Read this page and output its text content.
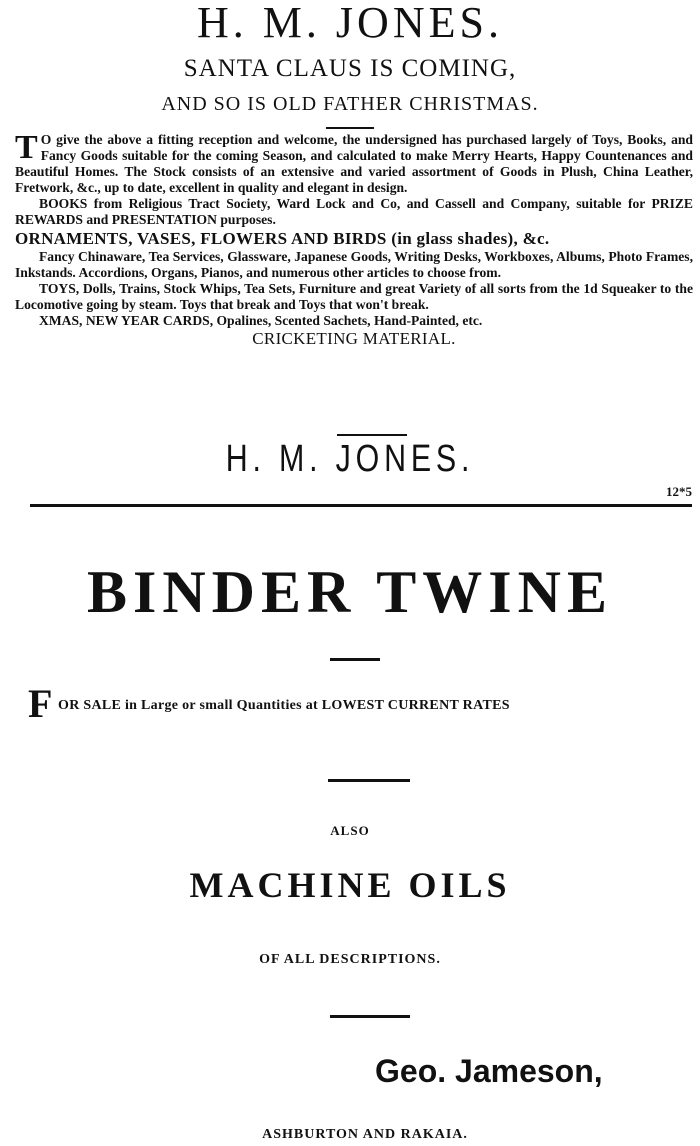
H. M. JONES.
SANTA CLAUS IS COMING,
AND SO IS OLD FATHER CHRISTMAS.

T O give the above a fitting reception and welcome, the undersigned has purchased largely of Toys, Books, and Fancy Goods suitable for the coming Season, and calculated to make Merry Hearts, Happy Countenances and Beautiful Homes. The Stock consists of an extensive and varied assortment of Goods in Plush, China Leather, Fretwork, &c., up to date, excellent in quality and elegant in design.

BOOKS from Religious Tract Society, Ward Lock and Co, and Cassell and Company, suitable for PRIZE REWARDS and PRESENTATION purposes.

ORNAMENTS, VASES, FLOWERS AND BIRDS (in glass shades), &c.

Fancy Chinaware, Tea Services, Glassware, Japanese Goods, Writing Desks, Workboxes, Albums, Photo Frames, Inkstands. Accordions, Organs, Pianos, and numerous other articles to choose from.

TOYS, Dolls, Trains, Stock Whips, Tea Sets, Furniture and great Variety of all sorts from the 1d Squeaker to the Locomotive going by steam. Toys that break and Toys that won't break.

XMAS, NEW YEAR CARDS, Opalines, Scented Sachets, Hand-Painted, etc.

CRICKETING MATERIAL.

H. M. JONES.
12*5
BINDER TWINE
F OR SALE in Large or small Quantities at LOWEST CURRENT RATES
ALSO
MACHINE OILS
OF ALL DESCRIPTIONS.
Geo. Jameson,
ASHBURTON AND RAKAIA.
